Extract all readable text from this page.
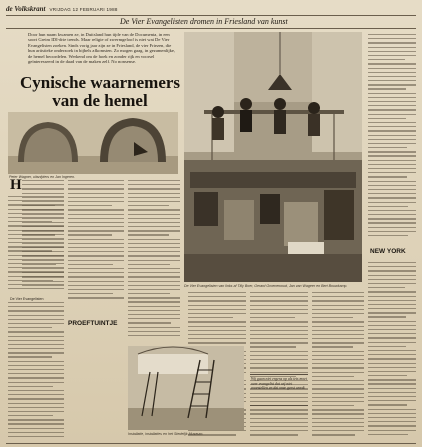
de Volkskrant VRIJDAG 12 FEBRUARI 1988
De Vier Evangelisten dromen in Friesland van kunst
Door hun naam kwamen ze, in Duitsland hun tijde van de Documenta, in een soort Greim IDI-drie trends. Maar religie of zwermgeloof is niet wat De Vier Evangelisten zoeken. Sinds vorig jaar zijn ze in Friesland, de vier Friezen, die hun artistieke onderzoek in bijbels afkomsten. Zo mogen gaag, in gezamenlijke, de hemel beoordelen. Werkend om de hoek en zonder rijk en voorsel geïnteresseerd in de daad van de maken zelf. No nonsense.
Cynische waarnemers van de hemel
Peter Wagner, uitsnijders en Jan Ingeren.
De Vier Evangelisten van links af Tilly Boer, Gerard Groenewoud, Jan van Wageer en Bert Bouwkamp.
H
De Vier Evangelisten
PROEFTUINTJE
NEW YORK
Wij gaan niet ergens op als iets moet over evangelist dat wij niet voorstellen en dat onze geest wordt.
Installatie, installaties en het Stedelijk Museum.
